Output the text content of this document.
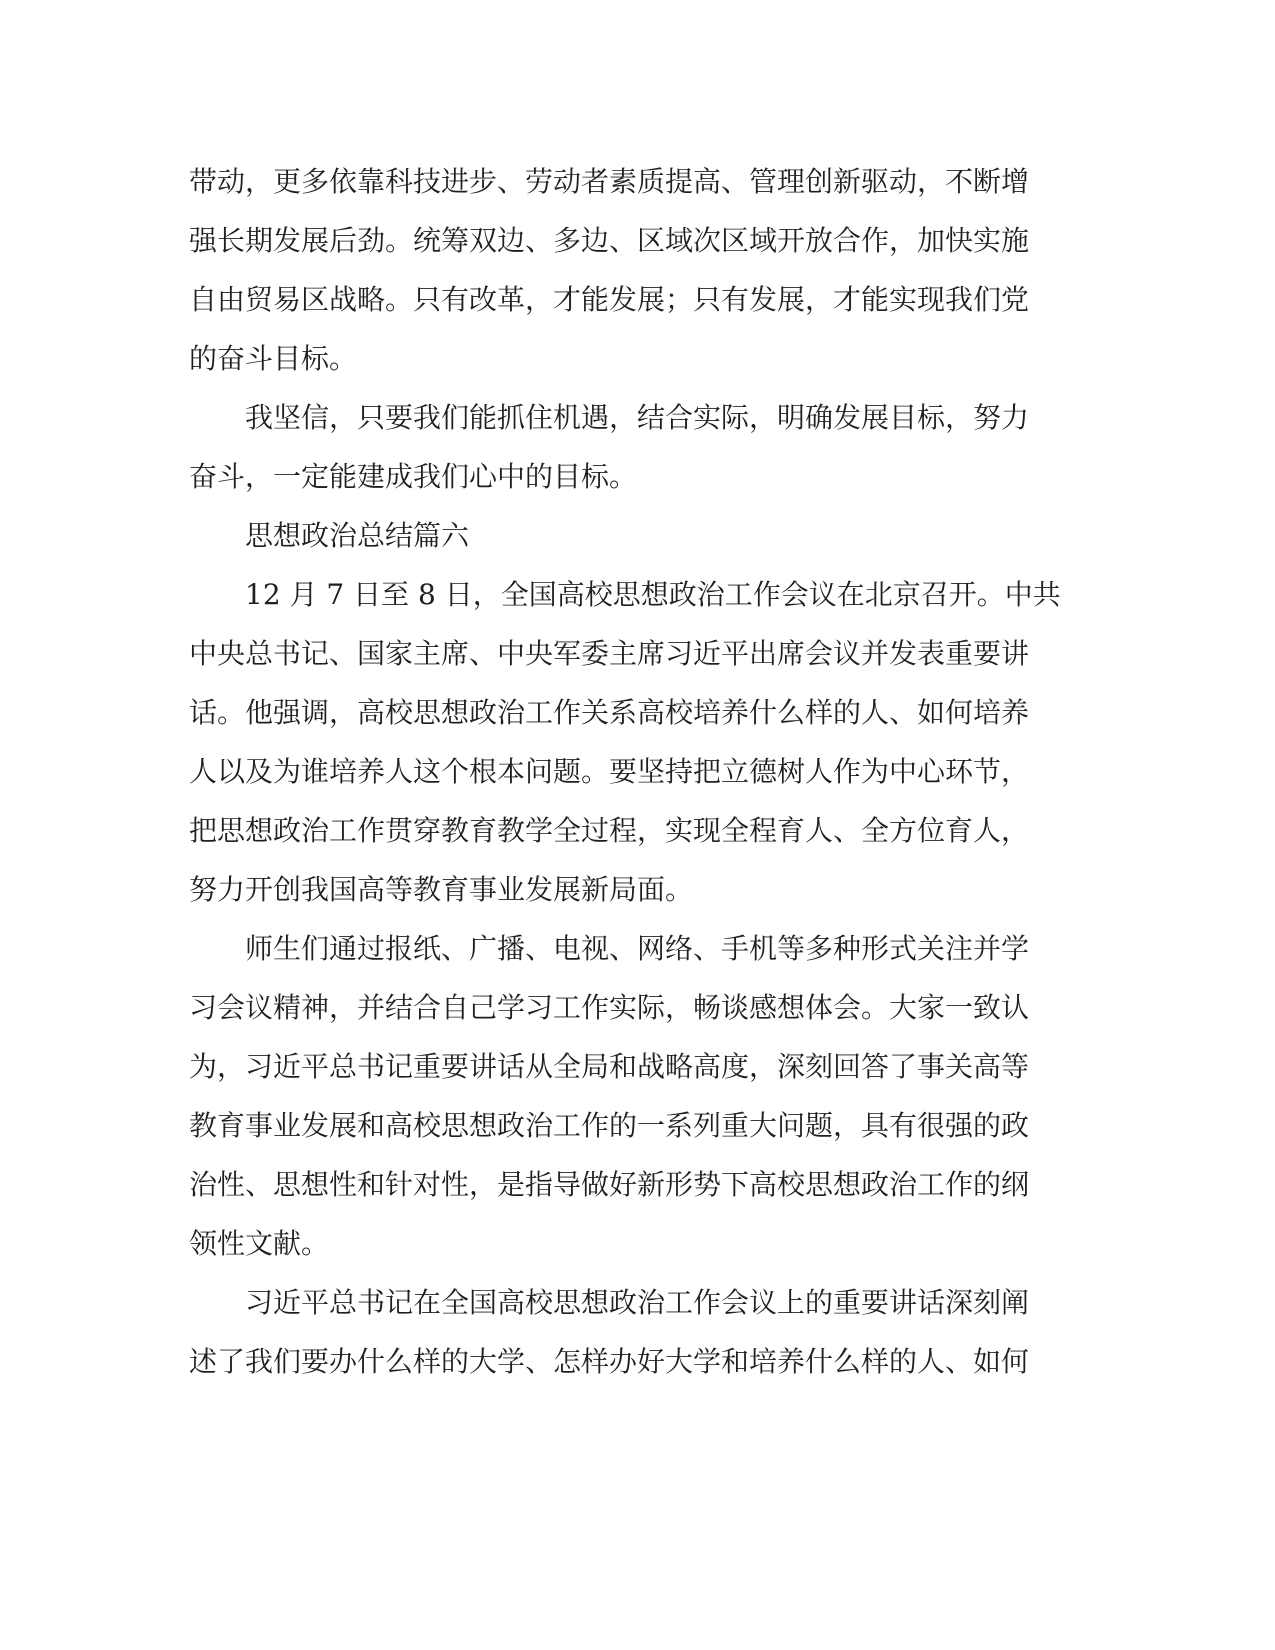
带动，更多依靠科技进步、劳动者素质提高、管理创新驱动，不断增

强长期发展后劲。统筹双边、多边、区域次区域开放合作，加快实施

自由贸易区战略。只有改革，才能发展；只有发展，才能实现我们党

的奋斗目标。

　　我坚信，只要我们能抓住机遇，结合实际，明确发展目标，努力

奋斗，一定能建成我们心中的目标。

　　思想政治总结篇六

　　12 月 7 日至 8 日，全国高校思想政治工作会议在北京召开。中共

中央总书记、国家主席、中央军委主席习近平出席会议并发表重要讲

话。他强调，高校思想政治工作关系高校培养什么样的人、如何培养

人以及为谁培养人这个根本问题。要坚持把立德树人作为中心环节，

把思想政治工作贯穿教育教学全过程，实现全程育人、全方位育人，

努力开创我国高等教育事业发展新局面。

　　师生们通过报纸、广播、电视、网络、手机等多种形式关注并学

习会议精神，并结合自己学习工作实际，畅谈感想体会。大家一致认

为，习近平总书记重要讲话从全局和战略高度，深刻回答了事关高等

教育事业发展和高校思想政治工作的一系列重大问题，具有很强的政

治性、思想性和针对性，是指导做好新形势下高校思想政治工作的纲

领性文献。

　　习近平总书记在全国高校思想政治工作会议上的重要讲话深刻阐

述了我们要办什么样的大学、怎样办好大学和培养什么样的人、如何
